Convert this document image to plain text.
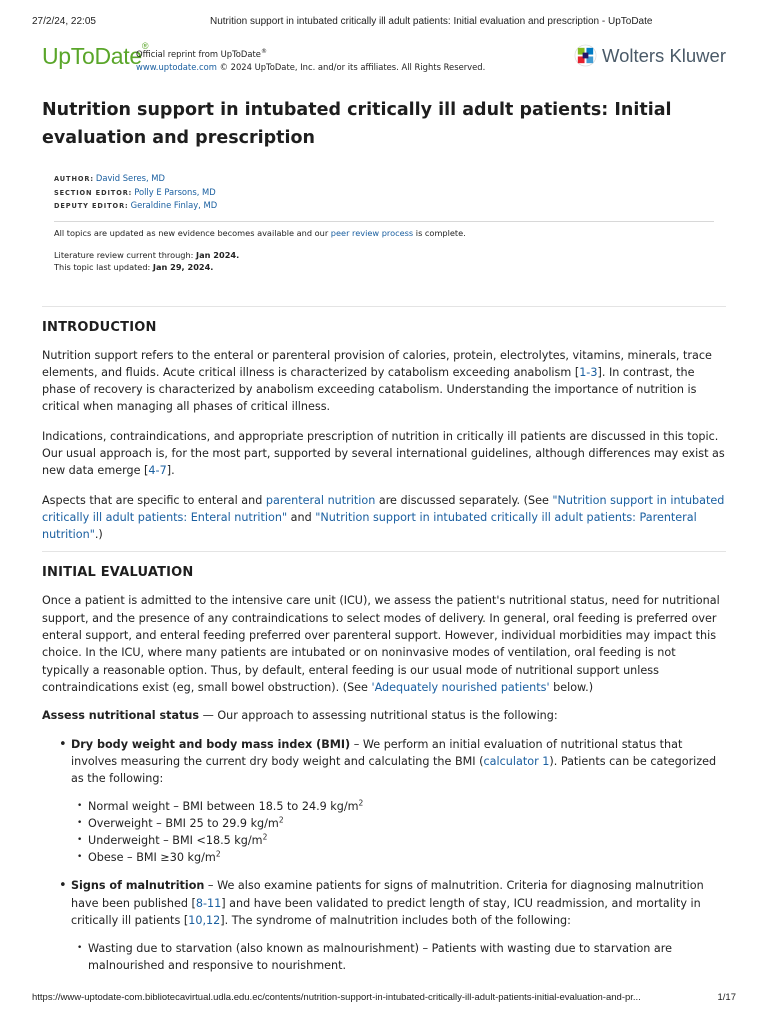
27/2/24, 22:05	Nutrition support in intubated critically ill adult patients: Initial evaluation and prescription - UpToDate
UpToDate®
Official reprint from UpToDate®
www.uptodate.com © 2024 UpToDate, Inc. and/or its affiliates. All Rights Reserved.
Wolters Kluwer
Nutrition support in intubated critically ill adult patients: Initial evaluation and prescription
AUTHOR: David Seres, MD
SECTION EDITOR: Polly E Parsons, MD
DEPUTY EDITOR: Geraldine Finlay, MD

All topics are updated as new evidence becomes available and our peer review process is complete.

Literature review current through: Jan 2024.

This topic last updated: Jan 29, 2024.

INTRODUCTION

Nutrition support refers to the enteral or parenteral provision of calories, protein, electrolytes, vitamins, minerals, trace elements, and fluids. Acute critical illness is characterized by catabolism exceeding anabolism [1-3]. In contrast, the phase of recovery is characterized by anabolism exceeding catabolism. Understanding the importance of nutrition is critical when managing all phases of critical illness.

Indications, contraindications, and appropriate prescription of nutrition in critically ill patients are discussed in this topic. Our usual approach is, for the most part, supported by several international guidelines, although differences may exist as new data emerge [4-7].

Aspects that are specific to enteral and parenteral nutrition are discussed separately. (See "Nutrition support in intubated critically ill adult patients: Enteral nutrition" and "Nutrition support in intubated critically ill adult patients: Parenteral nutrition".)

INITIAL EVALUATION

Once a patient is admitted to the intensive care unit (ICU), we assess the patient's nutritional status, need for nutritional support, and the presence of any contraindications to select modes of delivery. In general, oral feeding is preferred over enteral support, and enteral feeding preferred over parenteral support. However, individual morbidities may impact this choice. In the ICU, where many patients are intubated or on noninvasive modes of ventilation, oral feeding is not typically a reasonable option. Thus, by default, enteral feeding is our usual mode of nutritional support unless contraindications exist (eg, small bowel obstruction). (See 'Adequately nourished patients' below.)

Assess nutritional status — Our approach to assessing nutritional status is the following:

• Dry body weight and body mass index (BMI) – We perform an initial evaluation of nutritional status that involves measuring the current dry body weight and calculating the BMI (calculator 1). Patients can be categorized as the following:
• Normal weight – BMI between 18.5 to 24.9 $kg/m^2$
• Overweight – BMI 25 to 29.9 $kg/m^2$
• Underweight – BMI <18.5 $kg/m^2$
• Obese – BMI ≥30 $kg/m^2$
• Signs of malnutrition – We also examine patients for signs of malnutrition. Criteria for diagnosing malnutrition have been published [8-11] and have been validated to predict length of stay, ICU readmission, and mortality in critically ill patients [10,12]. The syndrome of malnutrition includes both of the following:
• Wasting due to starvation (also known as malnourishment) – Patients with wasting due to starvation are malnourished and responsive to nourishment.
https://www-uptodate-com.bibliotecavirtual.udla.edu.ec/contents/nutrition-support-in-intubated-critically-ill-adult-patients-initial-evaluation-and-pr...	1/17
